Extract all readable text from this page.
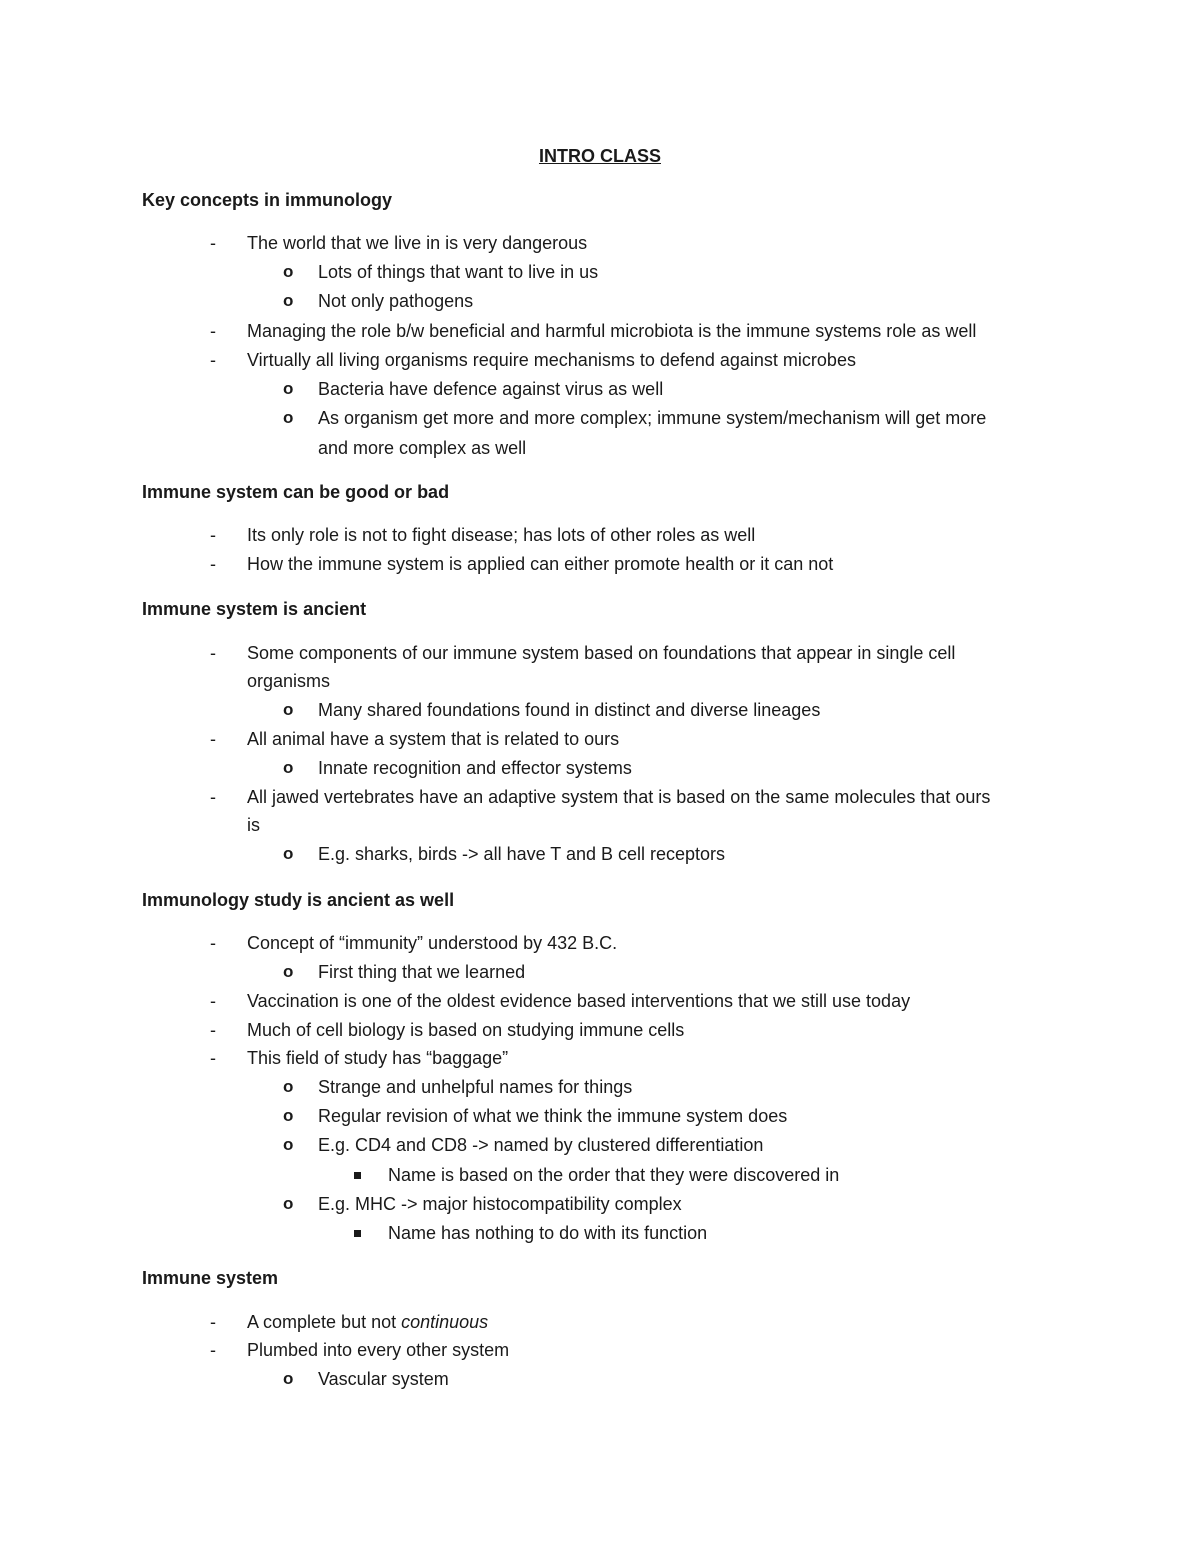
INTRO CLASS
Key concepts in immunology
-	The world that we live in is very dangerous
o Lots of things that want to live in us
o Not only pathogens
-	Managing the role b/w beneficial and harmful microbiota is the immune systems role as well
-	Virtually all living organisms require mechanisms to defend against microbes
o Bacteria have defence against virus as well
o As organism get more and more complex; immune system/mechanism will get more
and more complex as well
Immune system can be good or bad
-	Its only role is not to fight disease; has lots of other roles as well
-	How the immune system is applied can either promote health or it can not
Immune system is ancient
-	Some components of our immune system based on foundations that appear in single cell
organisms
o Many shared foundations found in distinct and diverse lineages
-	All animal have a system that is related to ours
o Innate recognition and effector systems
-	All jawed vertebrates have an adaptive system that is based on the same molecules that ours
is
o E.g. sharks, birds -> all have T and B cell receptors
Immunology study is ancient as well
-	Concept of “immunity” understood by 432 B.C.
o First thing that we learned
-	Vaccination is one of the oldest evidence based interventions that we still use today
-	Much of cell biology is based on studying immune cells
-	This field of study has “baggage”
o Strange and unhelpful names for things
o Regular revision of what we think the immune system does
o E.g. CD4 and CD8 -> named by clustered differentiation
Name is based on the order that they were discovered in
o E.g. MHC -> major histocompatibility complex
Name has nothing to do with its function
Immune system
-	A complete but not continuous
-	Plumbed into every other system
o Vascular system
